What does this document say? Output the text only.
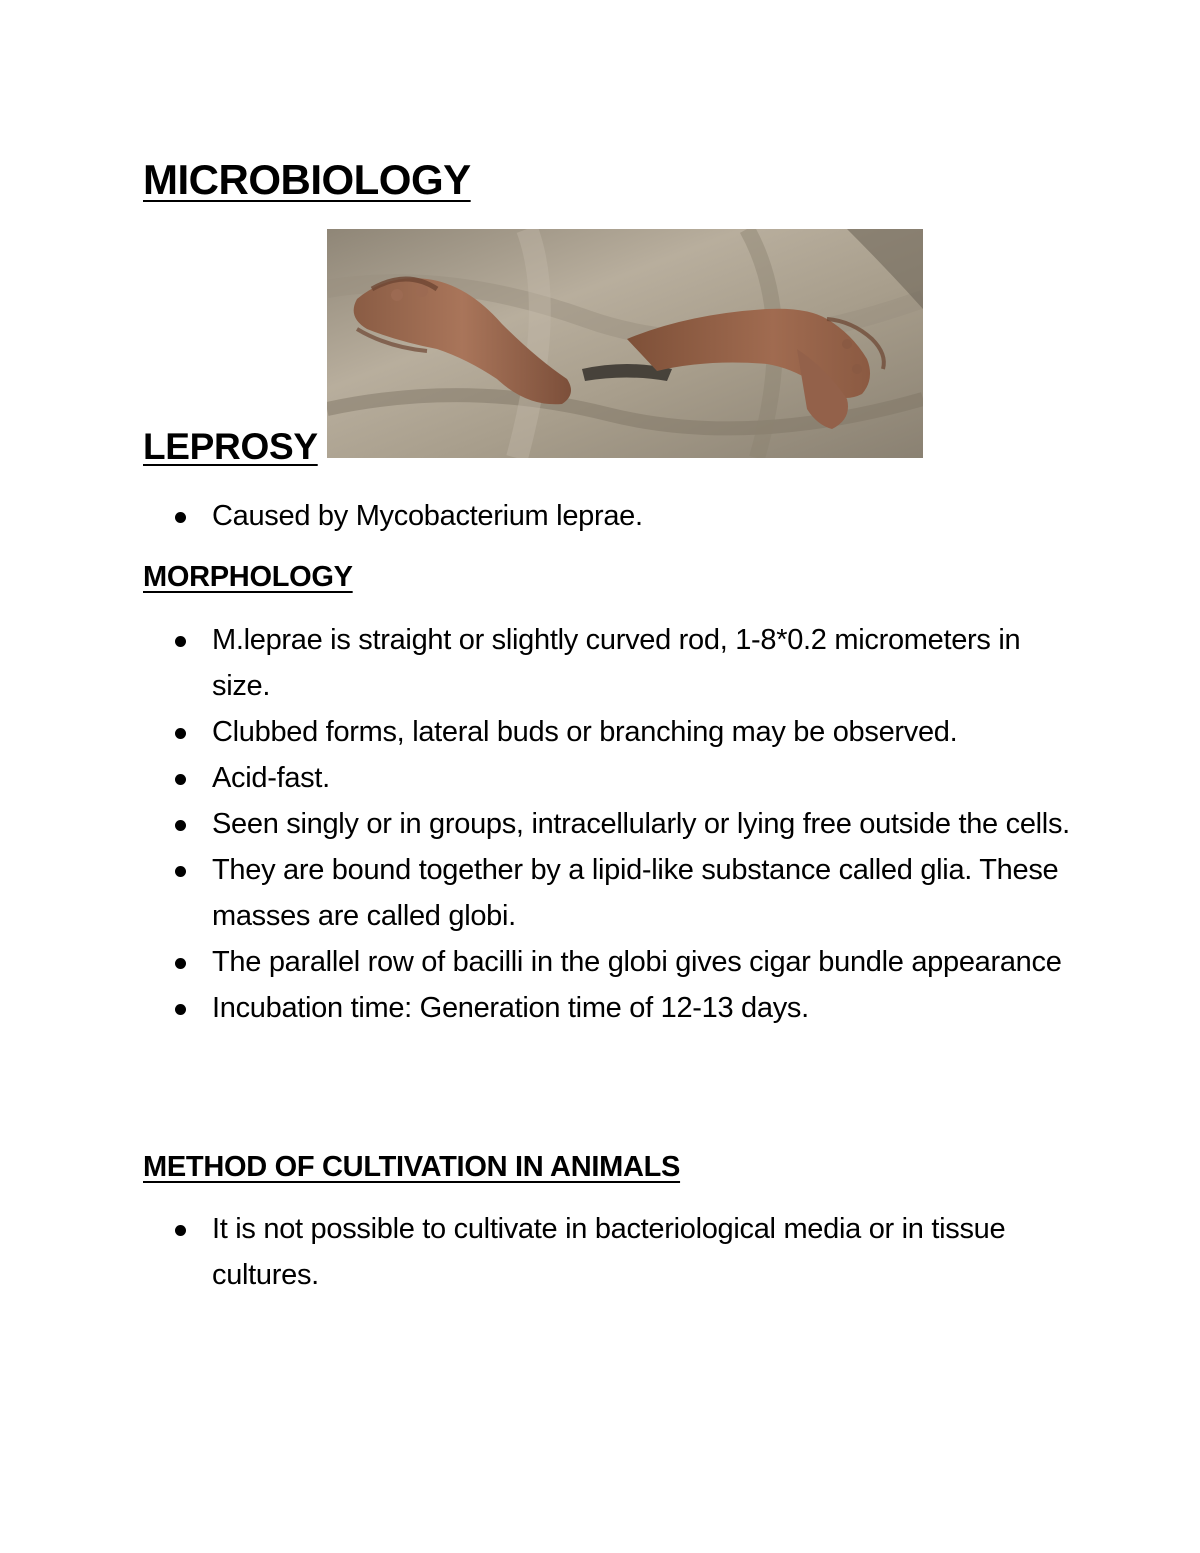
MICROBIOLOGY
LEPROSY
Caused by Mycobacterium leprae.
MORPHOLOGY
M.leprae is straight or slightly curved rod, 1-8*0.2 micrometers in size.
Clubbed forms, lateral buds or branching may be observed.
Acid-fast.
Seen singly or in groups, intracellularly or lying free outside the cells.
They are bound together by a lipid-like substance called glia. These masses are called globi.
The parallel row of bacilli in the globi gives cigar bundle appearance
Incubation time: Generation time of 12-13 days.
METHOD OF CULTIVATION IN ANIMALS
It is not possible to cultivate in bacteriological media or in tissue cultures.
